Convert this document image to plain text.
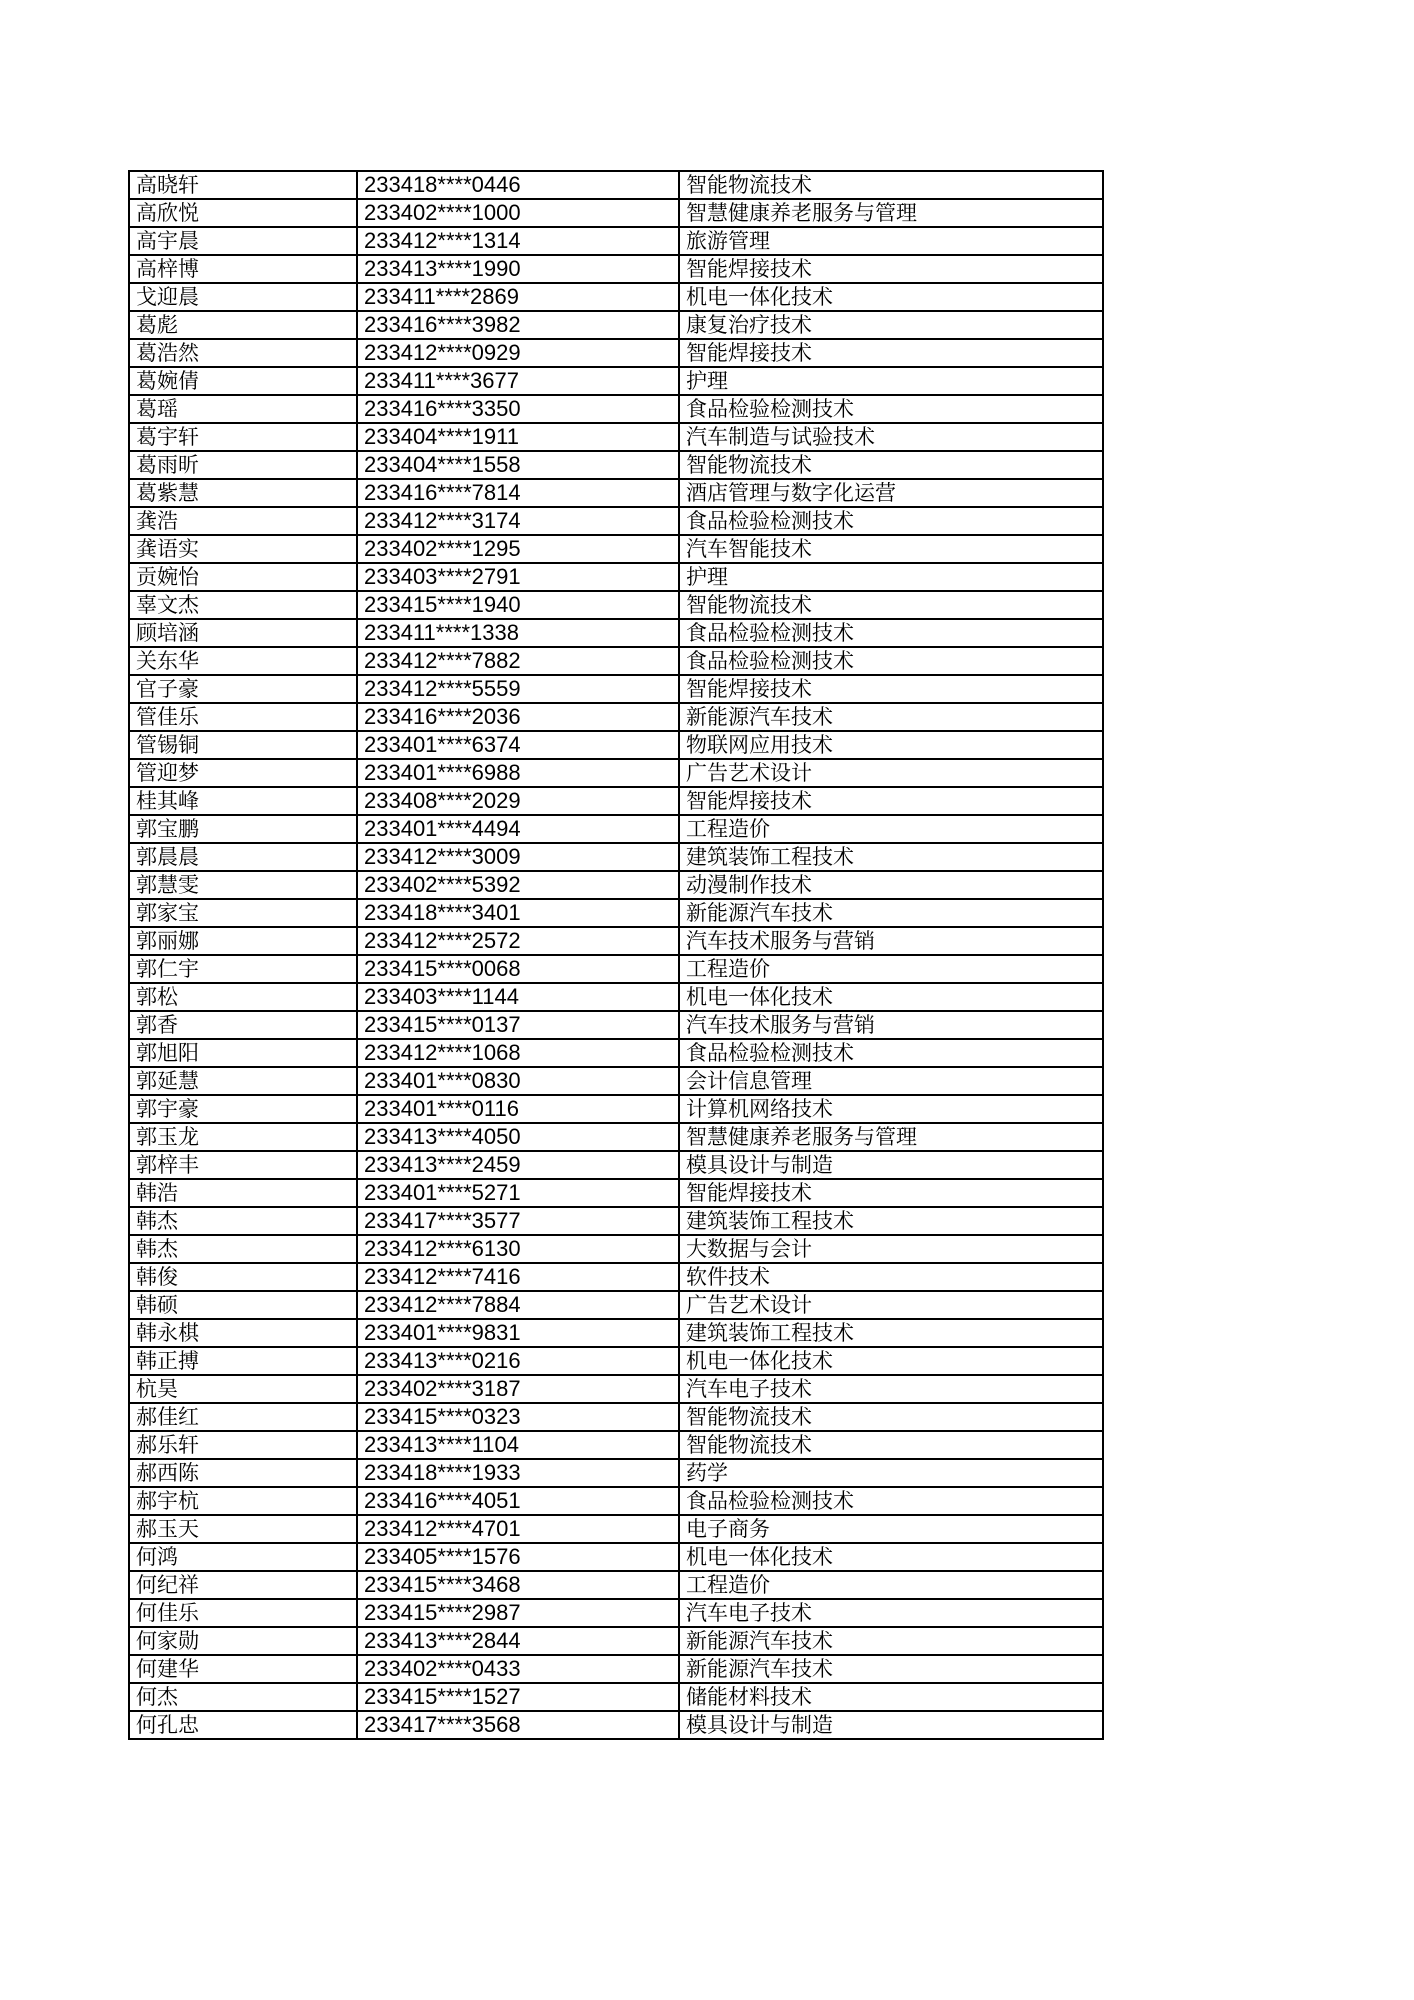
高晓轩	233418****0446	智能物流技术
高欣悦	233402****1000	智慧健康养老服务与管理
高宇晨	233412****1314	旅游管理
高梓博	233413****1990	智能焊接技术
戈迎晨	233411****2869	机电一体化技术
葛彪	233416****3982	康复治疗技术
葛浩然	233412****0929	智能焊接技术
葛婉倩	233411****3677	护理
葛瑶	233416****3350	食品检验检测技术
葛宇轩	233404****1911	汽车制造与试验技术
葛雨昕	233404****1558	智能物流技术
葛紫慧	233416****7814	酒店管理与数字化运营
龚浩	233412****3174	食品检验检测技术
龚语实	233402****1295	汽车智能技术
贡婉怡	233403****2791	护理
辜文杰	233415****1940	智能物流技术
顾培涵	233411****1338	食品检验检测技术
关东华	233412****7882	食品检验检测技术
官子豪	233412****5559	智能焊接技术
管佳乐	233416****2036	新能源汽车技术
管锡铜	233401****6374	物联网应用技术
管迎梦	233401****6988	广告艺术设计
桂其峰	233408****2029	智能焊接技术
郭宝鹏	233401****4494	工程造价
郭晨晨	233412****3009	建筑装饰工程技术
郭慧雯	233402****5392	动漫制作技术
郭家宝	233418****3401	新能源汽车技术
郭丽娜	233412****2572	汽车技术服务与营销
郭仁宇	233415****0068	工程造价
郭松	233403****1144	机电一体化技术
郭香	233415****0137	汽车技术服务与营销
郭旭阳	233412****1068	食品检验检测技术
郭延慧	233401****0830	会计信息管理
郭宇豪	233401****0116	计算机网络技术
郭玉龙	233413****4050	智慧健康养老服务与管理
郭梓丰	233413****2459	模具设计与制造
韩浩	233401****5271	智能焊接技术
韩杰	233417****3577	建筑装饰工程技术
韩杰	233412****6130	大数据与会计
韩俊	233412****7416	软件技术
韩硕	233412****7884	广告艺术设计
韩永棋	233401****9831	建筑装饰工程技术
韩正搏	233413****0216	机电一体化技术
杭昊	233402****3187	汽车电子技术
郝佳红	233415****0323	智能物流技术
郝乐轩	233413****1104	智能物流技术
郝西陈	233418****1933	药学
郝宇杭	233416****4051	食品检验检测技术
郝玉天	233412****4701	电子商务
何鸿	233405****1576	机电一体化技术
何纪祥	233415****3468	工程造价
何佳乐	233415****2987	汽车电子技术
何家勋	233413****2844	新能源汽车技术
何建华	233402****0433	新能源汽车技术
何杰	233415****1527	储能材料技术
何孔忠	233417****3568	模具设计与制造
